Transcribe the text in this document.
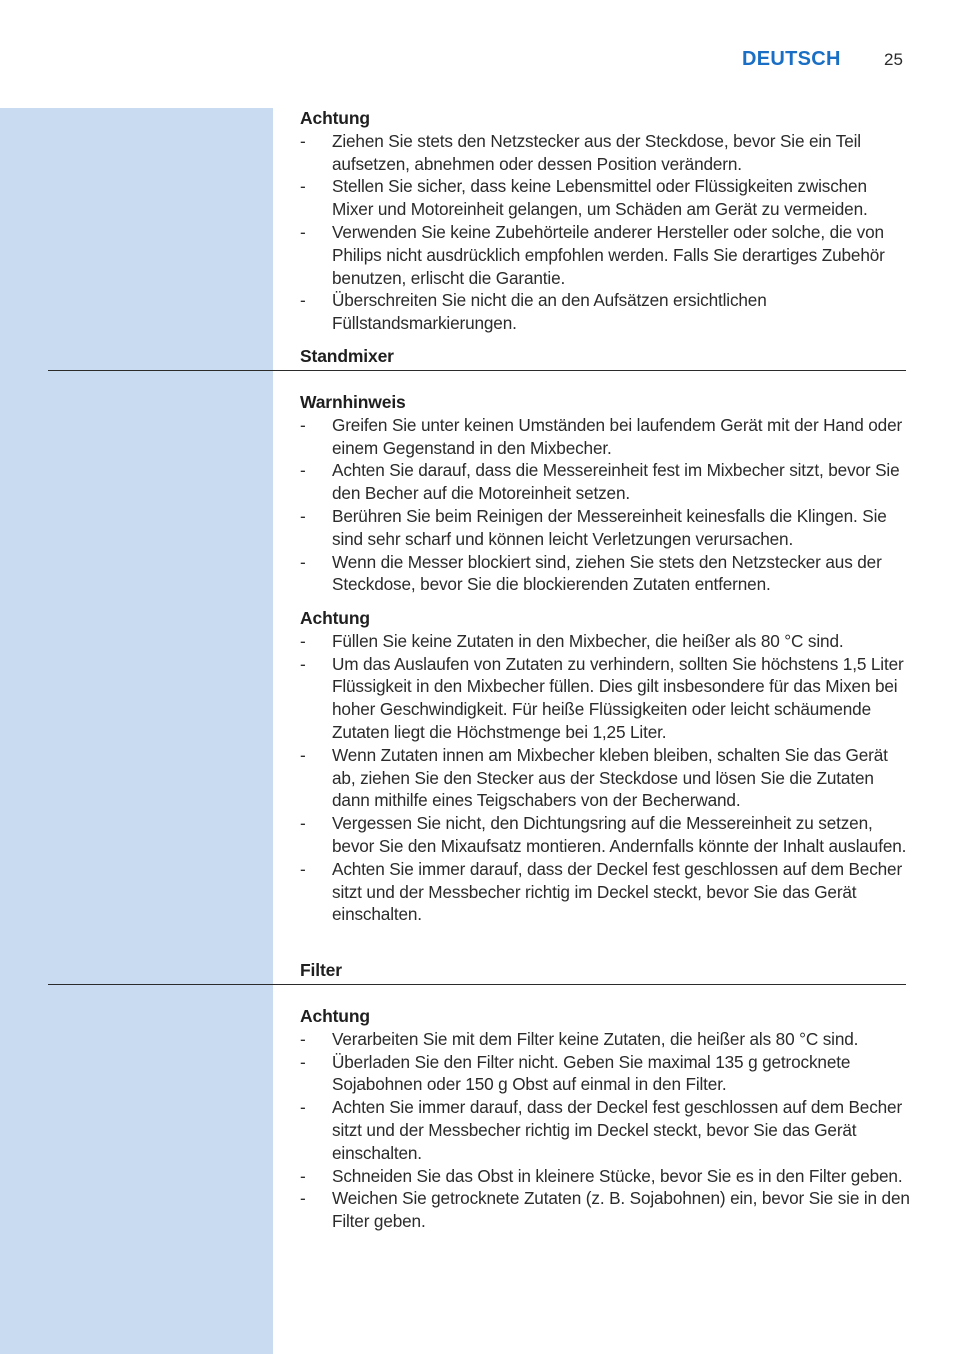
DEUTSCH	25

Achtung

- Ziehen Sie stets den Netzstecker aus der Steckdose, bevor Sie ein Teil aufsetzen, abnehmen oder dessen Position verändern.
- Stellen Sie sicher, dass keine Lebensmittel oder Flüssigkeiten zwischen Mixer und Motoreinheit gelangen, um Schäden am Gerät zu vermeiden.
- Verwenden Sie keine Zubehörteile anderer Hersteller oder solche, die von Philips nicht ausdrücklich empfohlen werden. Falls Sie derartiges Zubehör benutzen, erlischt die Garantie.
- Überschreiten Sie nicht die an den Aufsätzen ersichtlichen Füllstandsmarkierungen.

Standmixer

Warnhinweis

- Greifen Sie unter keinen Umständen bei laufendem Gerät mit der Hand oder einem Gegenstand in den Mixbecher.
- Achten Sie darauf, dass die Messereinheit fest im Mixbecher sitzt, bevor Sie den Becher auf die Motoreinheit setzen.
- Berühren Sie beim Reinigen der Messereinheit keinesfalls die Klingen. Sie sind sehr scharf und können leicht Verletzungen verursachen.
- Wenn die Messer blockiert sind, ziehen Sie stets den Netzstecker aus der Steckdose, bevor Sie die blockierenden Zutaten entfernen.

Achtung

- Füllen Sie keine Zutaten in den Mixbecher, die heißer als 80 °C sind.
- Um das Auslaufen von Zutaten zu verhindern, sollten Sie höchstens 1,5 Liter Flüssigkeit in den Mixbecher füllen. Dies gilt insbesondere für das Mixen bei hoher Geschwindigkeit. Für heiße Flüssigkeiten oder leicht schäumende Zutaten liegt die Höchstmenge bei 1,25 Liter.
- Wenn Zutaten innen am Mixbecher kleben bleiben, schalten Sie das Gerät ab, ziehen Sie den Stecker aus der Steckdose und lösen Sie die Zutaten dann mithilfe eines Teigschabers von der Becherwand.
- Vergessen Sie nicht, den Dichtungsring auf die Messereinheit zu setzen, bevor Sie den Mixaufsatz montieren. Andernfalls könnte der Inhalt auslaufen.
- Achten Sie immer darauf, dass der Deckel fest geschlossen auf dem Becher sitzt und der Messbecher richtig im Deckel steckt, bevor Sie das Gerät einschalten.

Filter

Achtung

- Verarbeiten Sie mit dem Filter keine Zutaten, die heißer als 80 °C sind.
- Überladen Sie den Filter nicht. Geben Sie maximal 135 g getrocknete Sojabohnen oder 150 g Obst auf einmal in den Filter.
- Achten Sie immer darauf, dass der Deckel fest geschlossen auf dem Becher sitzt und der Messbecher richtig im Deckel steckt, bevor Sie das Gerät einschalten.
- Schneiden Sie das Obst in kleinere Stücke, bevor Sie es in den Filter geben.
- Weichen Sie getrocknete Zutaten (z. B. Sojabohnen) ein, bevor Sie sie in den Filter geben.
